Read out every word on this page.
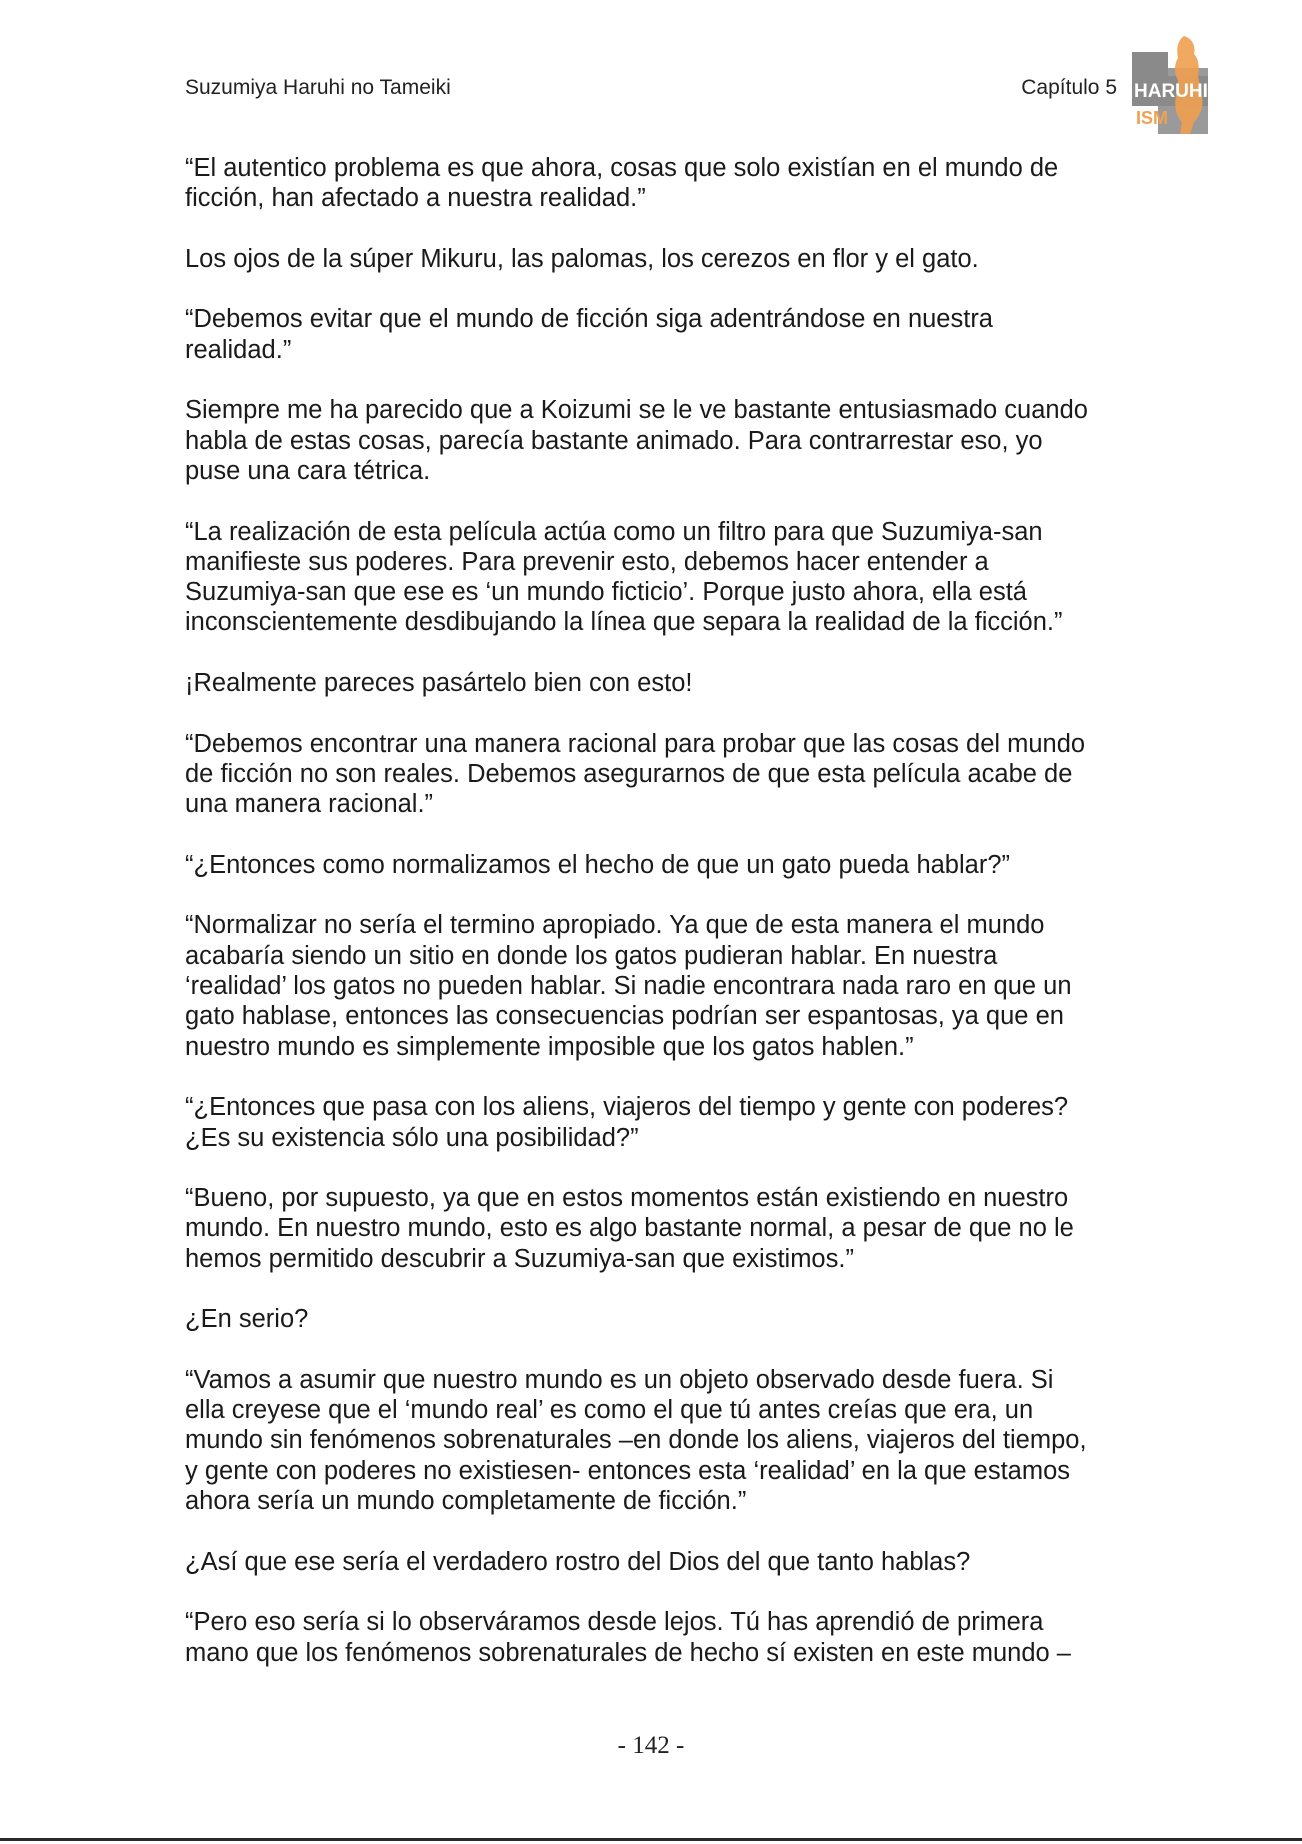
Suzumiya Haruhi no Tameiki	Capítulo 5 HARUHI
ISM

“El autentico problema es que ahora, cosas que solo existían en el mundo de
ficción, han afectado a nuestra realidad.”

Los ojos de la súper Mikuru, las palomas, los cerezos en flor y el gato.

“Debemos evitar que el mundo de ficción siga adentrándose en nuestra
realidad.”

Siempre me ha parecido que a Koizumi se le ve bastante entusiasmado cuando
habla de estas cosas, parecía bastante animado. Para contrarrestar eso, yo
puse una cara tétrica.

“La realización de esta película actúa como un filtro para que Suzumiya-san
manifieste sus poderes. Para prevenir esto, debemos hacer entender a
Suzumiya-san que ese es ‘un mundo ficticio’. Porque justo ahora, ella está
inconscientemente desdibujando la línea que separa la realidad de la ficción.”

¡Realmente pareces pasártelo bien con esto!

“Debemos encontrar una manera racional para probar que las cosas del mundo
de ficción no son reales. Debemos asegurarnos de que esta película acabe de
una manera racional.”

“¿Entonces como normalizamos el hecho de que un gato pueda hablar?”

“Normalizar no sería el termino apropiado. Ya que de esta manera el mundo
acabaría siendo un sitio en donde los gatos pudieran hablar. En nuestra
‘realidad’ los gatos no pueden hablar. Si nadie encontrara nada raro en que un
gato hablase, entonces las consecuencias podrían ser espantosas, ya que en
nuestro mundo es simplemente imposible que los gatos hablen.”

“¿Entonces que pasa con los aliens, viajeros del tiempo y gente con poderes?
¿Es su existencia sólo una posibilidad?”

“Bueno, por supuesto, ya que en estos momentos están existiendo en nuestro
mundo. En nuestro mundo, esto es algo bastante normal, a pesar de que no le
hemos permitido descubrir a Suzumiya-san que existimos.”

¿En serio?

“Vamos a asumir que nuestro mundo es un objeto observado desde fuera. Si
ella creyese que el ‘mundo real’ es como el que tú antes creías que era, un
mundo sin fenómenos sobrenaturales –en donde los aliens, viajeros del tiempo,
y gente con poderes no existiesen- entonces esta ‘realidad’ en la que estamos
ahora sería un mundo completamente de ficción.”

¿Así que ese sería el verdadero rostro del Dios del que tanto hablas?

“Pero eso sería si lo observáramos desde lejos. Tú has aprendió de primera
mano que los fenómenos sobrenaturales de hecho sí existen en este mundo –

- 142 -
